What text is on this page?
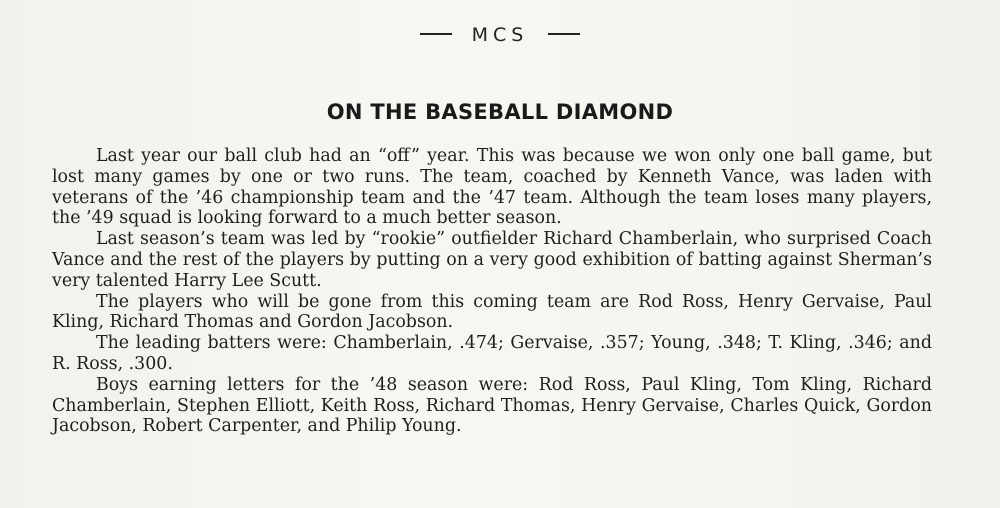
MCS
ON THE BASEBALL DIAMOND

Last year our ball club had an “off” year. This was because we won only one ball game, but lost many games by one or two runs. The team, coached by Kenneth Vance, was laden with veterans of the ’46 championship team and the ’47 team. Although the team loses many players, the ’49 squad is looking forward to a much better season.

Last season’s team was led by “rookie” outfielder Richard Chamberlain, who surprised Coach Vance and the rest of the players by putting on a very good exhibition of batting against Sherman’s very talented Harry Lee Scutt.

The players who will be gone from this coming team are Rod Ross, Henry Gervaise, Paul Kling, Richard Thomas and Gordon Jacobson.

The leading batters were: Chamberlain, .474; Gervaise, .357; Young, .348; T. Kling, .346; and R. Ross, .300.

Boys earning letters for the ’48 season were: Rod Ross, Paul Kling, Tom Kling, Richard Chamberlain, Stephen Elliott, Keith Ross, Richard Thomas, Henry Gervaise, Charles Quick, Gordon Jacobson, Robert Carpenter, and Philip Young.
